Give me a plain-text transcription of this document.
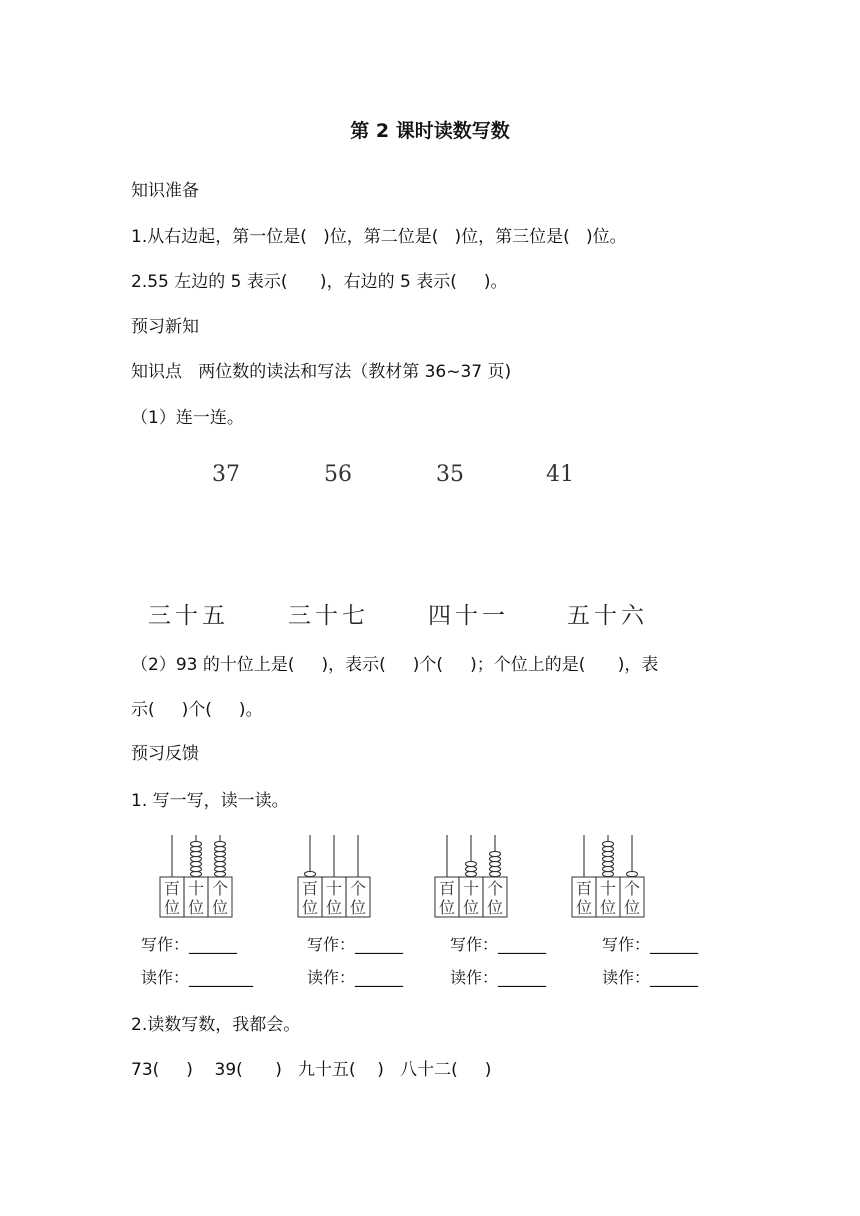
第 2 课时读数写数
知识准备
1.从右边起，第一位是(   )位，第二位是(   )位，第三位是(   )位。
2.55 左边的 5 表示(      )，右边的 5 表示(     )。
预习新知
知识点   两位数的读法和写法（教材第 36~37 页)
（1）连一连。
37	56	35	41
三十五	三十七	四十一	五十六
（2）93 的十位上是(     )，表示(     )个(     )；个位上的是(      )，表
示(     )个(     )。
预习反馈
1. 写一写，读一读。
百
位
十
位
个
位
百
位
十
位
个
位
百
位
十
位
个
位
百
位
十
位
个
位
写作：______	写作：______	写作：______	写作：______
读作：________	读作：______	读作：______	读作：______
2.读数写数，我都会。
73(     )    39(      )   九十五(    )   八十二(     )
